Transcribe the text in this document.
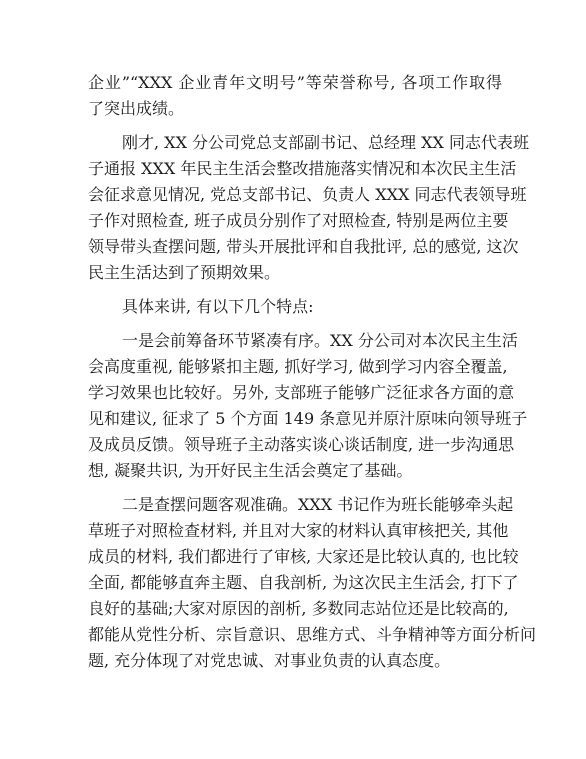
企业”“XXX 企业青年文明号”等荣誉称号, 各项工作取得
了突出成绩。
刚才, XX 分公司党总支部副书记、总经理 XX 同志代表班
子通报 XXX 年民主生活会整改措施落实情况和本次民主生活
会征求意见情况, 党总支部书记、负责人 XXX 同志代表领导班
子作对照检查, 班子成员分别作了对照检查, 特别是两位主要
领导带头查摆问题, 带头开展批评和自我批评, 总的感觉, 这次
民主生活达到了预期效果。
具体来讲, 有以下几个特点:
一是会前筹备环节紧凑有序。XX 分公司对本次民主生活
会高度重视, 能够紧扣主题, 抓好学习, 做到学习内容全覆盖,
学习效果也比较好。另外, 支部班子能够广泛征求各方面的意
见和建议, 征求了 5 个方面 149 条意见并原汁原味向领导班子
及成员反馈。领导班子主动落实谈心谈话制度, 进一步沟通思
想, 凝聚共识, 为开好民主生活会奠定了基础。
二是查摆问题客观准确。XXX 书记作为班长能够牵头起
草班子对照检查材料, 并且对大家的材料认真审核把关, 其他
成员的材料, 我们都进行了审核, 大家还是比较认真的, 也比较
全面, 都能够直奔主题、自我剖析, 为这次民主生活会, 打下了
良好的基础;大家对原因的剖析, 多数同志站位还是比较高的,
都能从党性分析、宗旨意识、思维方式、斗争精神等方面分析问
题, 充分体现了对党忠诚、对事业负责的认真态度。
